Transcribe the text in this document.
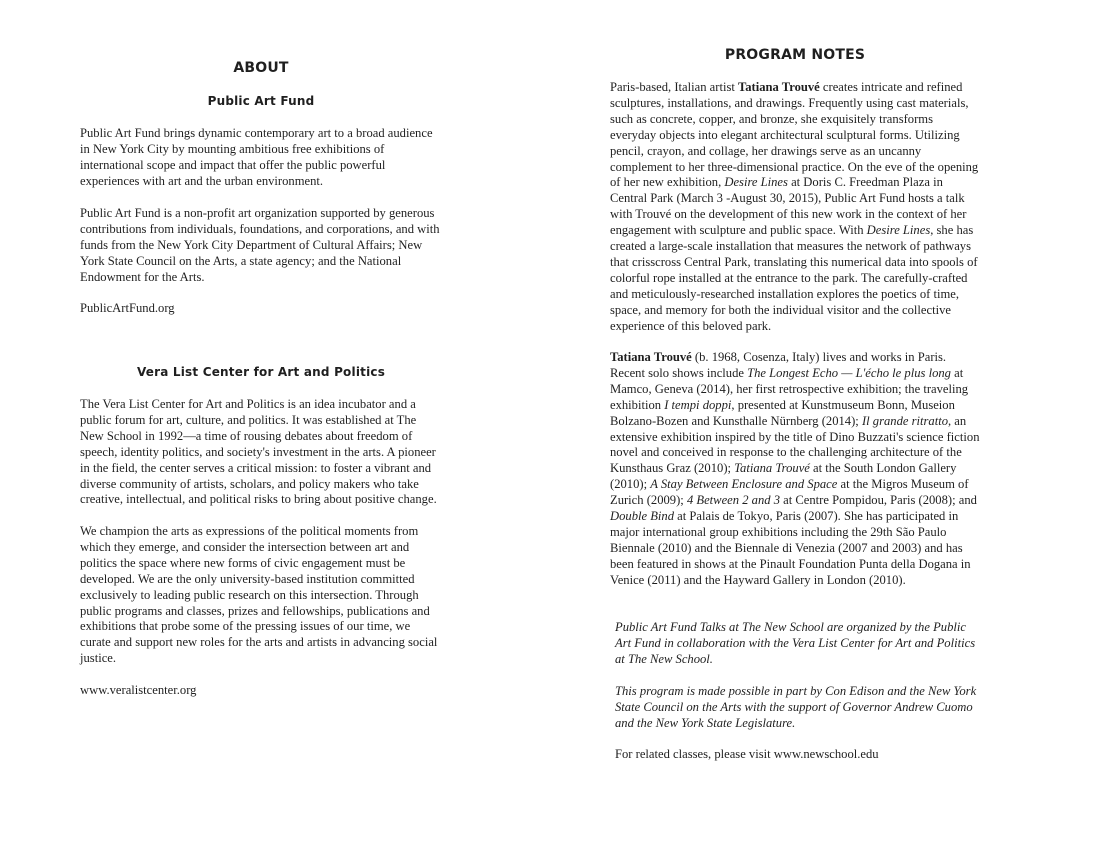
ABOUT
Public Art Fund

Public Art Fund brings dynamic contemporary art to a broad audience in New York City by mounting ambitious free exhibitions of international scope and impact that offer the public powerful experiences with art and the urban environment.

Public Art Fund is a non-profit art organization supported by generous contributions from individuals, foundations, and corporations, and with funds from the New York City Department of Cultural Affairs; New York State Council on the Arts, a state agency; and the National Endowment for the Arts.

PublicArtFund.org

Vera List Center for Art and Politics

The Vera List Center for Art and Politics is an idea incubator and a public forum for art, culture, and politics. It was established at The New School in 1992—a time of rousing debates about freedom of speech, identity politics, and society's investment in the arts. A pioneer in the field, the center serves a critical mission: to foster a vibrant and diverse community of artists, scholars, and policy makers who take creative, intellectual, and political risks to bring about positive change.

We champion the arts as expressions of the political moments from which they emerge, and consider the intersection between art and politics the space where new forms of civic engagement must be developed. We are the only university-based institution committed exclusively to leading public research on this intersection. Through public programs and classes, prizes and fellowships, publications and exhibitions that probe some of the pressing issues of our time, we curate and support new roles for the arts and artists in advancing social justice.

www.veralistcenter.org

PROGRAM NOTES

Paris-based, Italian artist Tatiana Trouvé creates intricate and refined sculptures, installations, and drawings. Frequently using cast materials, such as concrete, copper, and bronze, she exquisitely transforms everyday objects into elegant architectural sculptural forms. Utilizing pencil, crayon, and collage, her drawings serve as an uncanny complement to her three-dimensional practice. On the eve of the opening of her new exhibition, Desire Lines at Doris C. Freedman Plaza in Central Park (March 3 -August 30, 2015), Public Art Fund hosts a talk with Trouvé on the development of this new work in the context of her engagement with sculpture and public space. With Desire Lines, she has created a large-scale installation that measures the network of pathways that crisscross Central Park, translating this numerical data into spools of colorful rope installed at the entrance to the park. The carefully-crafted and meticulously-researched installation explores the poetics of time, space, and memory for both the individual visitor and the collective experience of this beloved park.

Tatiana Trouvé (b. 1968, Cosenza, Italy) lives and works in Paris. Recent solo shows include The Longest Echo — L'écho le plus long at Mamco, Geneva (2014), her first retrospective exhibition; the traveling exhibition I tempi doppi, presented at Kunstmuseum Bonn, Museion Bolzano-Bozen and Kunsthalle Nürnberg (2014); Il grande ritratto, an extensive exhibition inspired by the title of Dino Buzzati's science fiction novel and conceived in response to the challenging architecture of the Kunsthaus Graz (2010); Tatiana Trouvé at the South London Gallery (2010); A Stay Between Enclosure and Space at the Migros Museum of Zurich (2009); 4 Between 2 and 3 at Centre Pompidou, Paris (2008); and Double Bind at Palais de Tokyo, Paris (2007). She has participated in major international group exhibitions including the 29th São Paulo Biennale (2010) and the Biennale di Venezia (2007 and 2003) and has been featured in shows at the Pinault Foundation Punta della Dogana in Venice (2011) and the Hayward Gallery in London (2010).

Public Art Fund Talks at The New School are organized by the Public Art Fund in collaboration with the Vera List Center for Art and Politics at The New School.

This program is made possible in part by Con Edison and the New York State Council on the Arts with the support of Governor Andrew Cuomo and the New York State Legislature.

For related classes, please visit www.newschool.edu
